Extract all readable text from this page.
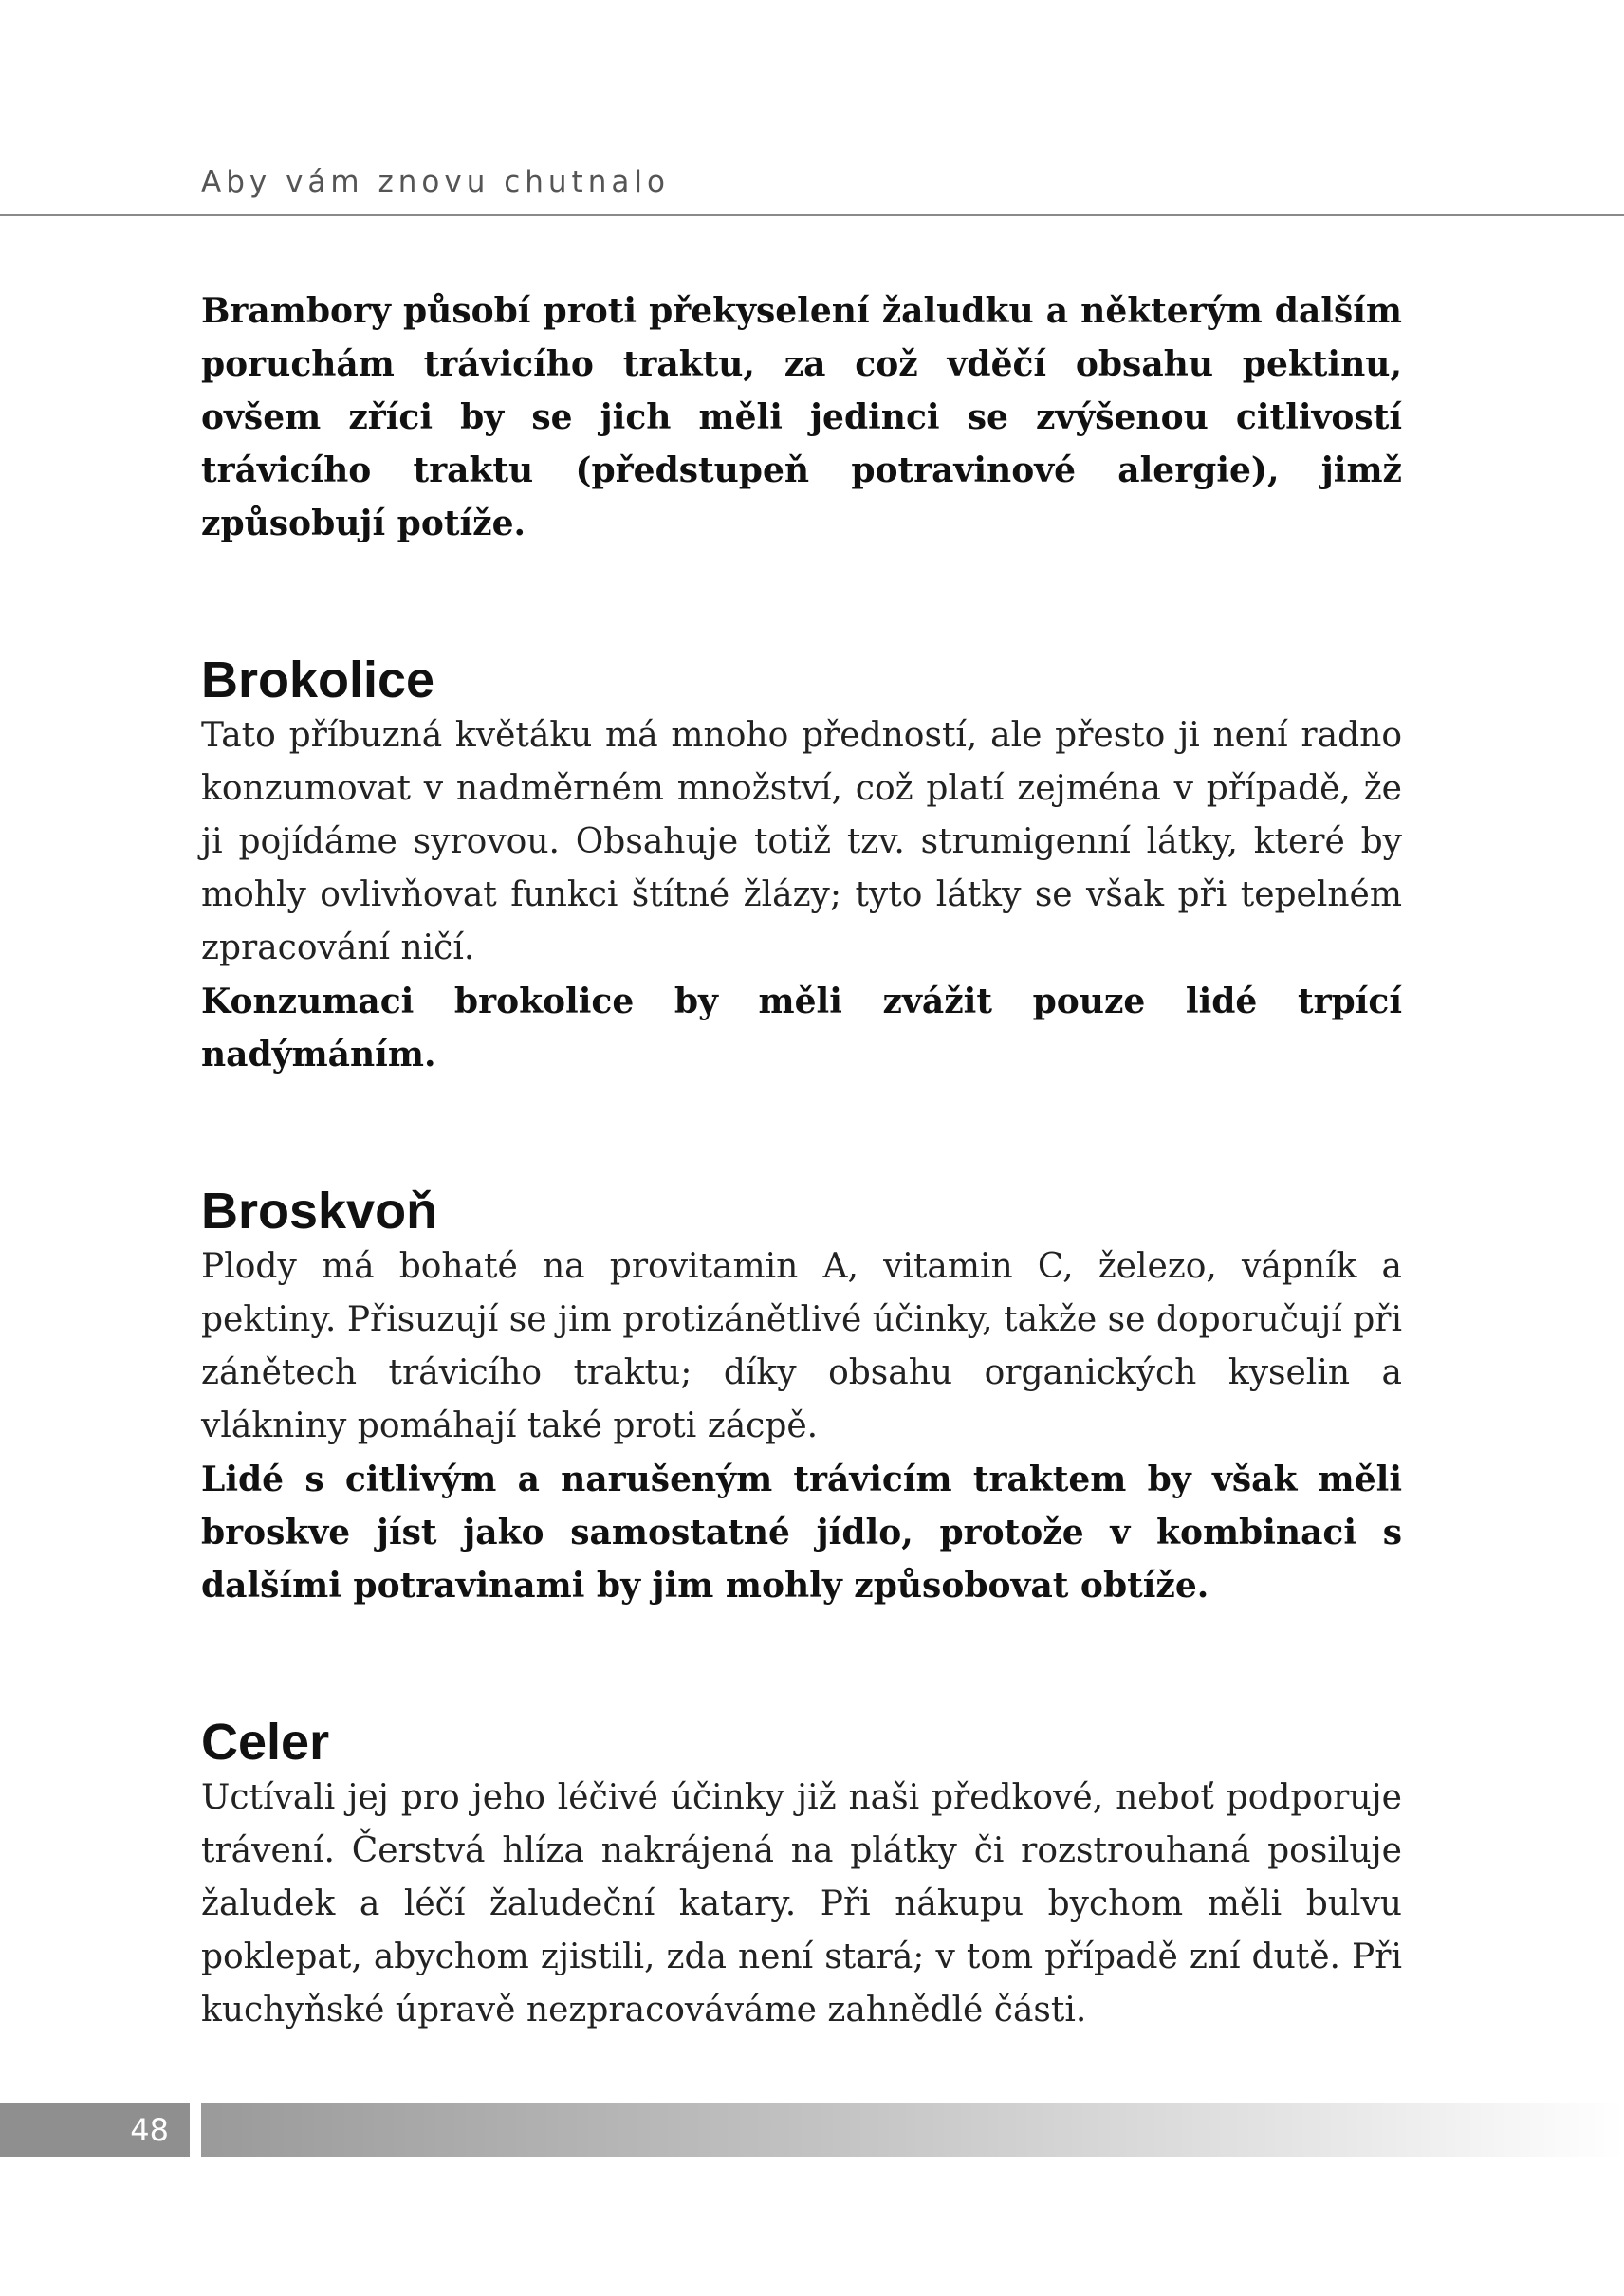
Aby vám znovu chutnalo

Brambory působí proti překyselení žaludku a některým dalším poruchám trávicího traktu, za což vděčí obsahu pektinu, ovšem zříci by se jich měli jedinci se zvýšenou citlivostí trávicího traktu (předstupeň potravinové alergie), jimž způsobují potíže.

Brokolice

Tato příbuzná květáku má mnoho předností, ale přesto ji není radno konzumovat v nadměrném množství, což platí zejména v případě, že ji pojídáme syrovou. Obsahuje totiž tzv. strumigenní látky, které by mohly ovlivňovat funkci štítné žlázy; tyto látky se však při tepelném zpracování ničí.

Konzumaci brokolice by měli zvážit pouze lidé trpící nadýmáním.

Broskvoň

Plody má bohaté na provitamin A, vitamin C, železo, vápník a pektiny. Přisuzují se jim protizánětlivé účinky, takže se doporučují při zánětech trávicího traktu; díky obsahu organických kyselin a vlákniny pomáhají také proti zácpě.

Lidé s citlivým a narušeným trávicím traktem by však měli broskve jíst jako samostatné jídlo, protože v kombinaci s dalšími potravinami by jim mohly způsobovat obtíže.

Celer

Uctívali jej pro jeho léčivé účinky již naši předkové, neboť podporuje trávení. Čerstvá hlíza nakrájená na plátky či rozstrouhaná posiluje žaludek a léčí žaludeční katary. Při nákupu bychom měli bulvu poklepat, abychom zjistili, zda není stará; v tom případě zní dutě. Při kuchyňské úpravě nezpracováváme zahnědlé části.

48
